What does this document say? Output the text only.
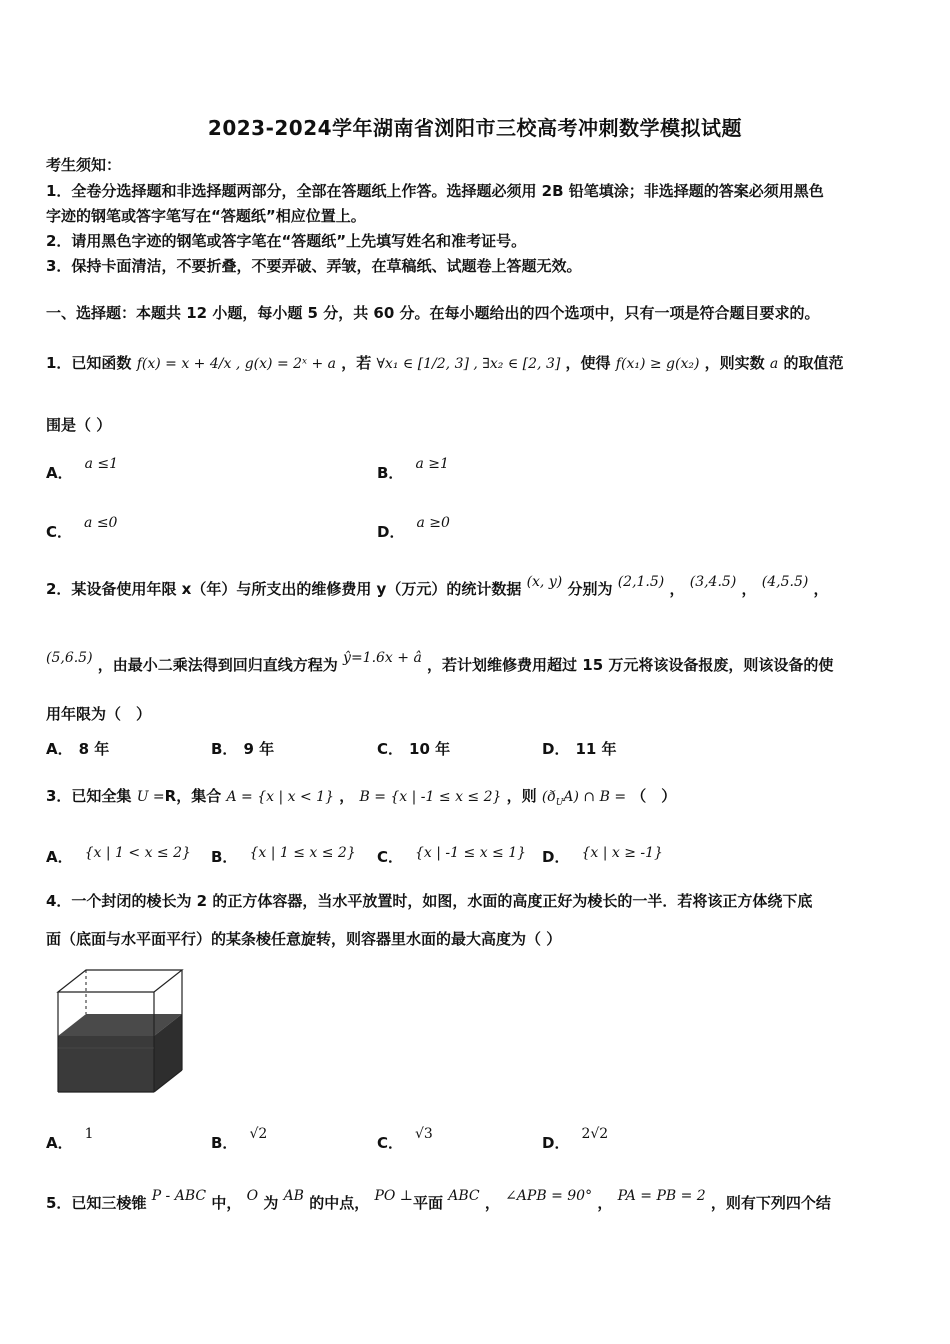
2023-2024学年湖南省浏阳市三校高考冲刺数学模拟试题
考生须知：
1．全卷分选择题和非选择题两部分，全部在答题纸上作答。选择题必须用 2B 铅笔填涂；非选择题的答案必须用黑色
字迹的钢笔或答字笔写在“答题纸”相应位置上。
2．请用黑色字迹的钢笔或答字笔在“答题纸”上先填写姓名和准考证号。
3．保持卡面清洁，不要折叠，不要弄破、弄皱，在草稿纸、试题卷上答题无效。
一、选择题：本题共 12 小题，每小题 5 分，共 60 分。在每小题给出的四个选项中，只有一项是符合题目要求的。
1．已知函数 f(x) = x + 4/x , g(x) = 2ˣ + a ，若 ∀x₁ ∈ [1/2, 3] , ∃x₂ ∈ [2, 3] ，使得 f(x₁) ≥ g(x₂) ，则实数 a 的取值范
围是（ ）
A． a ≤1	B． a ≥1
C． a ≤0	D． a ≥0
2．某设备使用年限 x（年）与所支出的维修费用 y（万元）的统计数据 (x, y) 分别为 (2,1.5) ， (3,4.5) ， (4,5.5) ，
(5,6.5) ，由最小二乘法得到回归直线方程为 ŷ=1.6x + â ，若计划维修费用超过 15 万元将该设备报废，则该设备的使
用年限为（　）
A． 8 年	B． 9 年	C． 10 年	D． 11 年
3．已知全集 U =R，集合 A = {x | x < 1} ， B = {x | -1 ≤ x ≤ 2} ，则 $(ð_UA)$ ∩ B = （　）
A． {x | 1 < x ≤ 2} B． {x | 1 ≤ x ≤ 2} C． {x | -1 ≤ x ≤ 1} D． {x | x ≥ -1}
4．一个封闭的棱长为 2 的正方体容器，当水平放置时，如图，水面的高度正好为棱长的一半．若将该正方体绕下底
面（底面与水平面平行）的某条棱任意旋转，则容器里水面的最大高度为（ ）
A． 1	B． √2	C． √3	D． 2√2
5．已知三棱锥 P - ABC 中， O 为 AB 的中点， PO ⊥平面 ABC ， ∠APB = 90° ， PA = PB = 2 ，则有下列四个结
